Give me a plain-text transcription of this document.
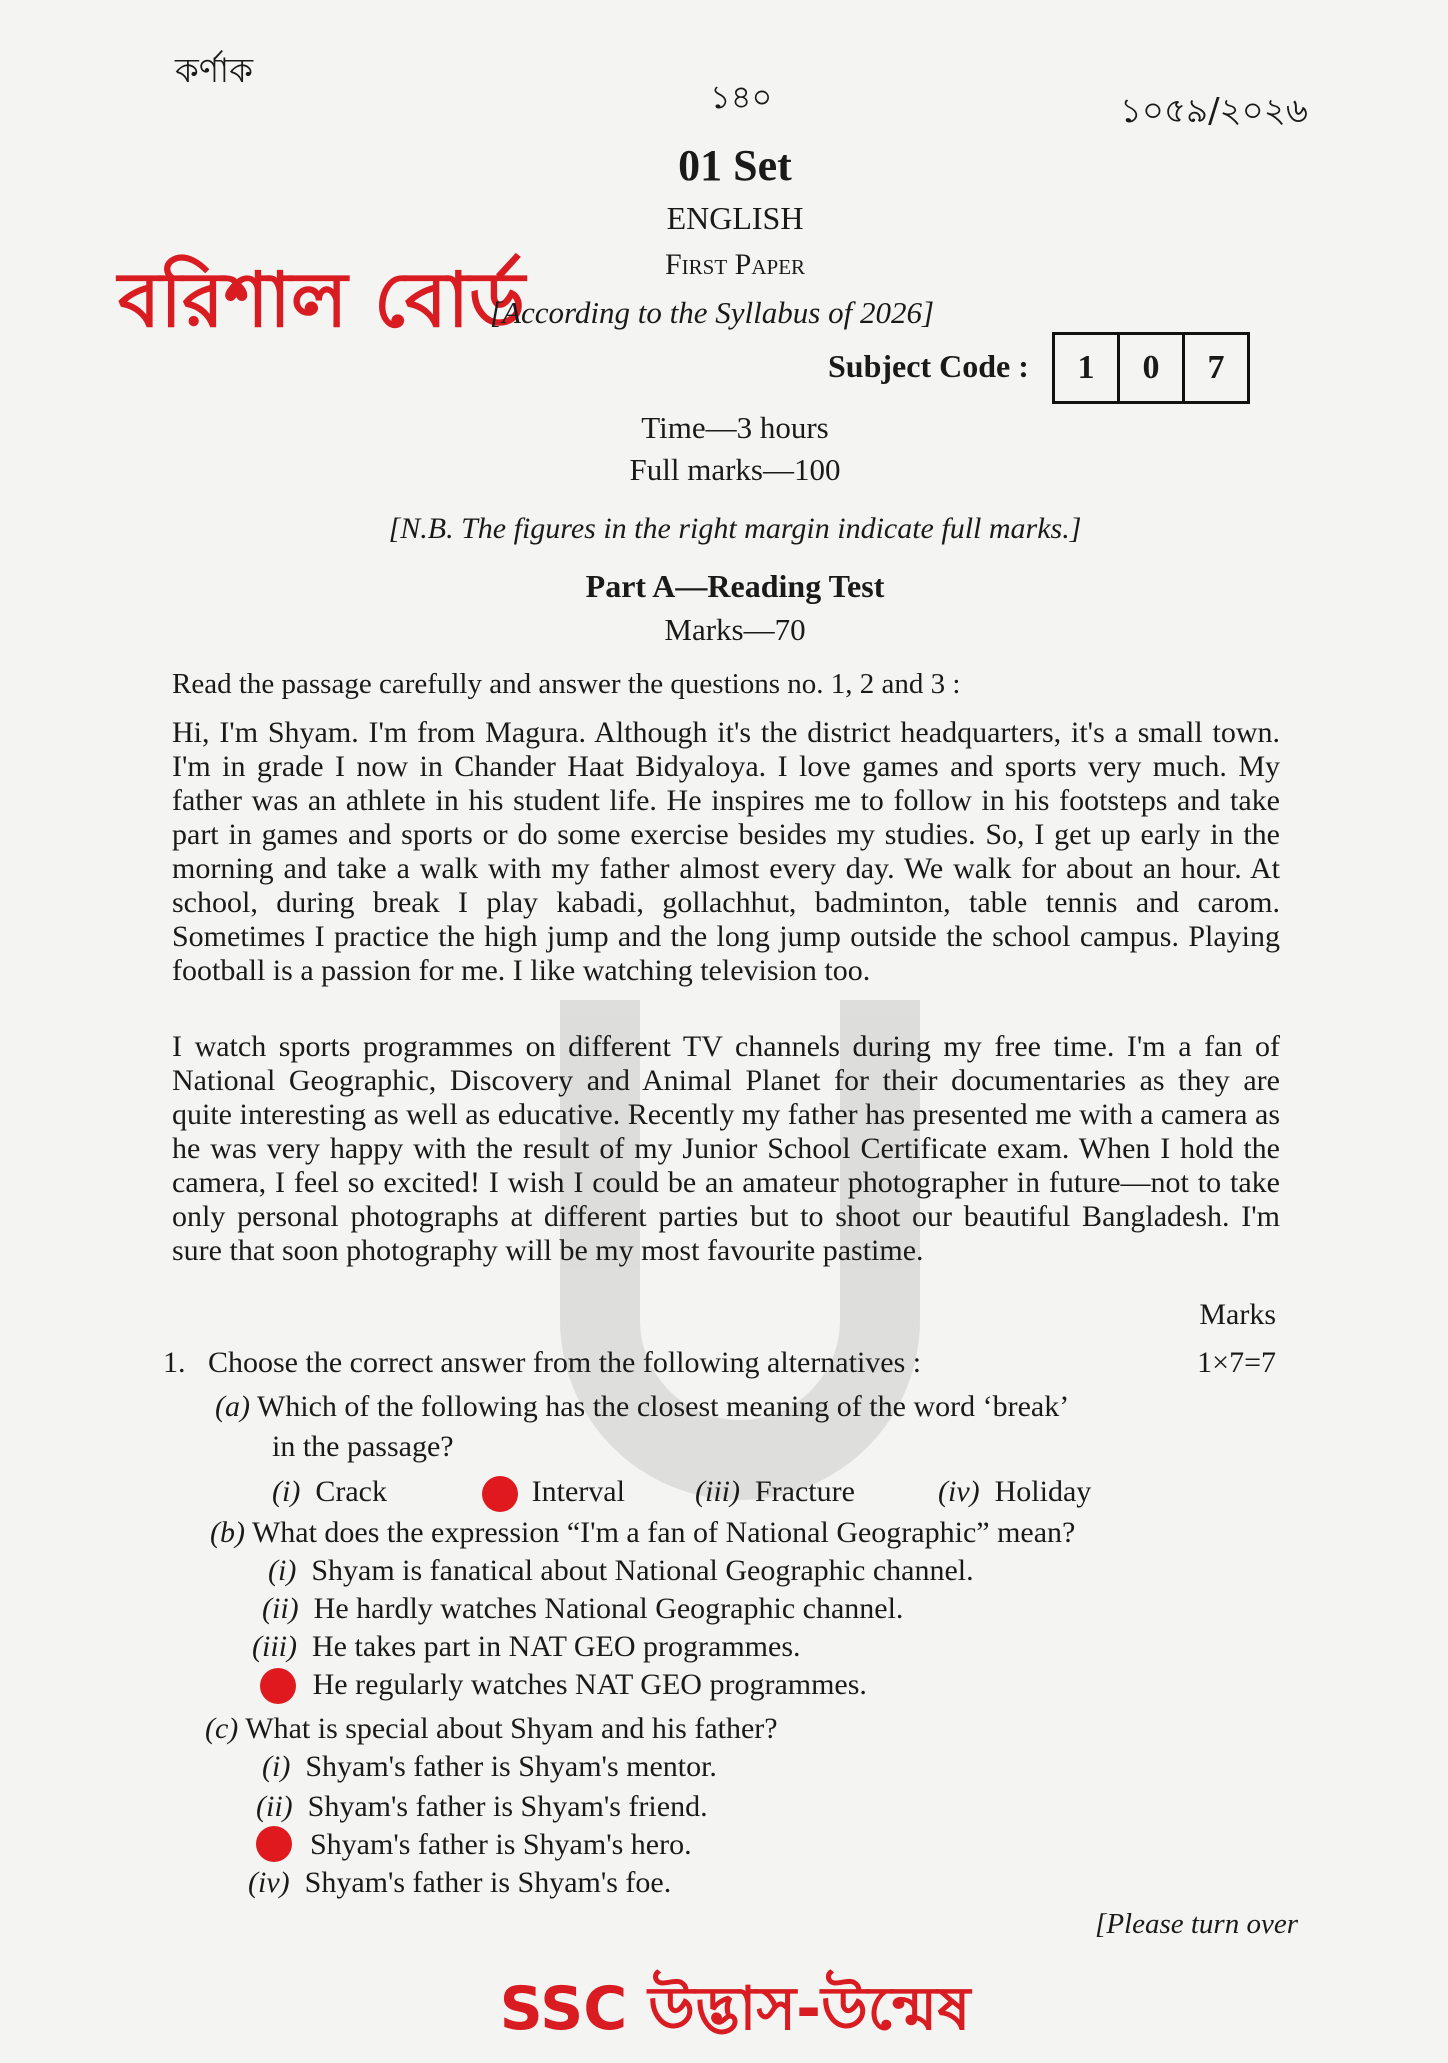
কর্ণাক
১৪০	১০৫৯/২০২৬
01 Set
ENGLISH
First Paper
বরিশাল বোর্ড
[According to the Syllabus of 2026]
Subject Code :	1	0	7
Time—3 hours
Full marks—100
[N.B. The figures in the right margin indicate full marks.]
Part A—Reading Test
Marks—70
Read the passage carefully and answer the questions no. 1, 2 and 3 :
Hi, I'm Shyam. I'm from Magura. Although it's the district headquarters, it's a small town. I'm in grade I now in Chander Haat Bidyaloya. I love games and sports very much. My father was an athlete in his student life. He inspires me to follow in his footsteps and take part in games and sports or do some exercise besides my studies. So, I get up early in the morning and take a walk with my father almost every day. We walk for about an hour. At school, during break I play kabadi, gollachhut, badminton, table tennis and carom. Sometimes I practice the high jump and the long jump outside the school campus. Playing football is a passion for me. I like watching television too.
I watch sports programmes on different TV channels during my free time. I'm a fan of National Geographic, Discovery and Animal Planet for their documentaries as they are quite interesting as well as educative. Recently my father has presented me with a camera as he was very happy with the result of my Junior School Certificate exam. When I hold the camera, I feel so excited! I wish I could be an amateur photographer in future—not to take only personal photographs at different parties but to shoot our beautiful Bangladesh. I'm sure that soon photography will be my most favourite pastime.
Marks
1. Choose the correct answer from the following alternatives :	1×7=7
(a) Which of the following has the closest meaning of the word ‘break’
in the passage?
(i) Crack	Interval (iii) Fracture	(iv) Holiday
(b) What does the expression “I'm a fan of National Geographic” mean?
(i) Shyam is fanatical about National Geographic channel.
(ii) He hardly watches National Geographic channel.
(iii) He takes part in NAT GEO programmes.
He regularly watches NAT GEO programmes.
(c) What is special about Shyam and his father?
(i) Shyam's father is Shyam's mentor.
(ii) Shyam's father is Shyam's friend.
Shyam's father is Shyam's hero.
(iv) Shyam's father is Shyam's foe.
[Please turn over
SSC উদ্ভাস-উন্মেষ
